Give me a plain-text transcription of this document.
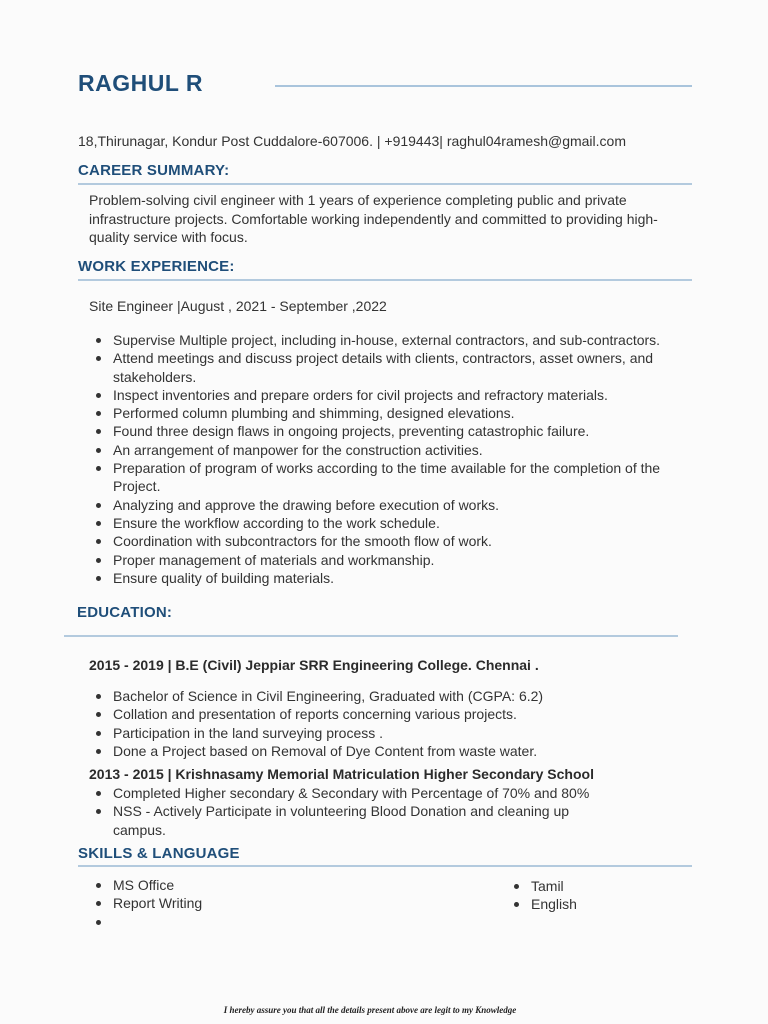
RAGHUL R
18,Thirunagar, Kondur Post Cuddalore-607006. | +919443| raghul04ramesh@gmail.com
CAREER SUMMARY:
Problem-solving civil engineer with 1 years of experience completing public and private infrastructure projects. Comfortable working independently and committed to providing high-quality service with focus.
WORK EXPERIENCE:
Site Engineer |August , 2021 - September ,2022
Supervise Multiple project, including in-house, external contractors, and sub-contractors.
Attend meetings and discuss project details with clients, contractors, asset owners, and stakeholders.
Inspect inventories and prepare orders for civil projects and refractory materials.
Performed column plumbing and shimming, designed elevations.
Found three design flaws in ongoing projects, preventing catastrophic failure.
An arrangement of manpower for the construction activities.
Preparation of program of works according to the time available for the completion of the Project.
Analyzing and approve the drawing before execution of works.
Ensure the workflow according to the work schedule.
Coordination with subcontractors for the smooth flow of work.
Proper management of materials and workmanship.
Ensure quality of building materials.
EDUCATION:
2015 - 2019 | B.E (Civil) Jeppiar SRR Engineering College. Chennai .
Bachelor of Science in Civil Engineering, Graduated with (CGPA: 6.2)
Collation and presentation of reports concerning various projects.
Participation in the land surveying process .
Done a Project based on Removal of Dye Content from waste water.
2013 - 2015 | Krishnasamy Memorial Matriculation Higher Secondary School
Completed Higher secondary & Secondary with Percentage of 70% and 80%
NSS - Actively Participate in volunteering Blood Donation and cleaning up campus.
SKILLS & LANGUAGE
MS Office
Report Writing
Tamil
English
I hereby assure you that all the details present above are legit to my Knowledge
